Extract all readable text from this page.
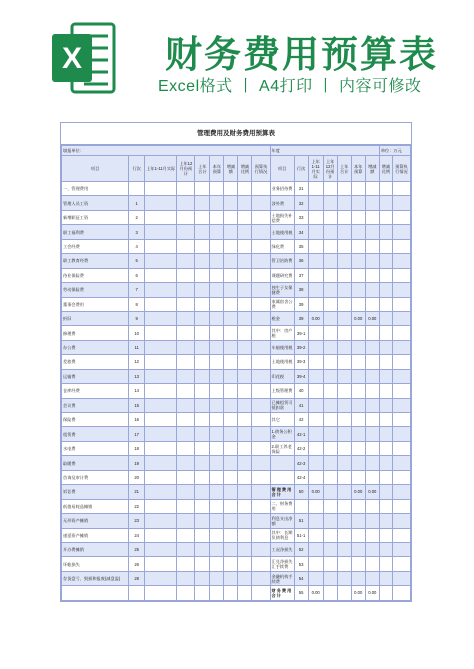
X 财务费用预算表
Excel格式 丨 A4打印 丨 内容可修改
管理费用及财务费用预算表
填报单位：									年度							单位：万元	
项目	行次	上年1-11月实际	上年12月份预计	上年合计	本年预算	增减额	增减比例	预算执行情况	项目	行次	上年1-11月实际	上年12月份预计	上年合计	本年预算	增减额	增减比例	预算执行情况
一、管理费用									业务招待费	31							
管理人员工资	1								涉外费	32							
新增职征工资	2								土地损失补偿费	33							
职工福利费	3								土地使用税	34							
工会经费	4								绿化费	35							
职工教育经费	5								管卫治防费	36							
待业保险费	6								课题研究费	37							
劳动保险费	7								独生子女保健费	38							
董事会费用	8								家属宿舍公费	39							
折旧	9								税金	39	0.00			0.00	0.00		
修理费	10								其中：房产税	39-1							
办公费	11								车船使用税	39-2							
差旅费	12								土地使用税	39-3							
运输费	13								印花税	39-4							
仓库经费	14								上级管理费	40							
会议费	15								已摊租赁可抵扣款	41							
保险费	16								其它	42							
租赁费	17								1.债务公积金	42-1							
水电费	18								2.职工养老保险	42-2							
取暖费	19									42-3							
咨询及审计费	20									42-4							
诉讼费	21								管理费用合计	50	0.00			0.00	0.00		
低值易耗品摊销	22								二、财务费用								
无形资产摊销	23								利息支出净额	51							
递延资产摊销	24								其中：长期负债利息	51-1							
开办费摊销	25								工况净损失	52							
坏帐损失	26								汇兑净损失汇手续费	53							
存货盘亏、毁损和报废(减盘盈)	28								金融机构手续费	54							
									财务费用合计	55	0.00			0.00	0.00		
